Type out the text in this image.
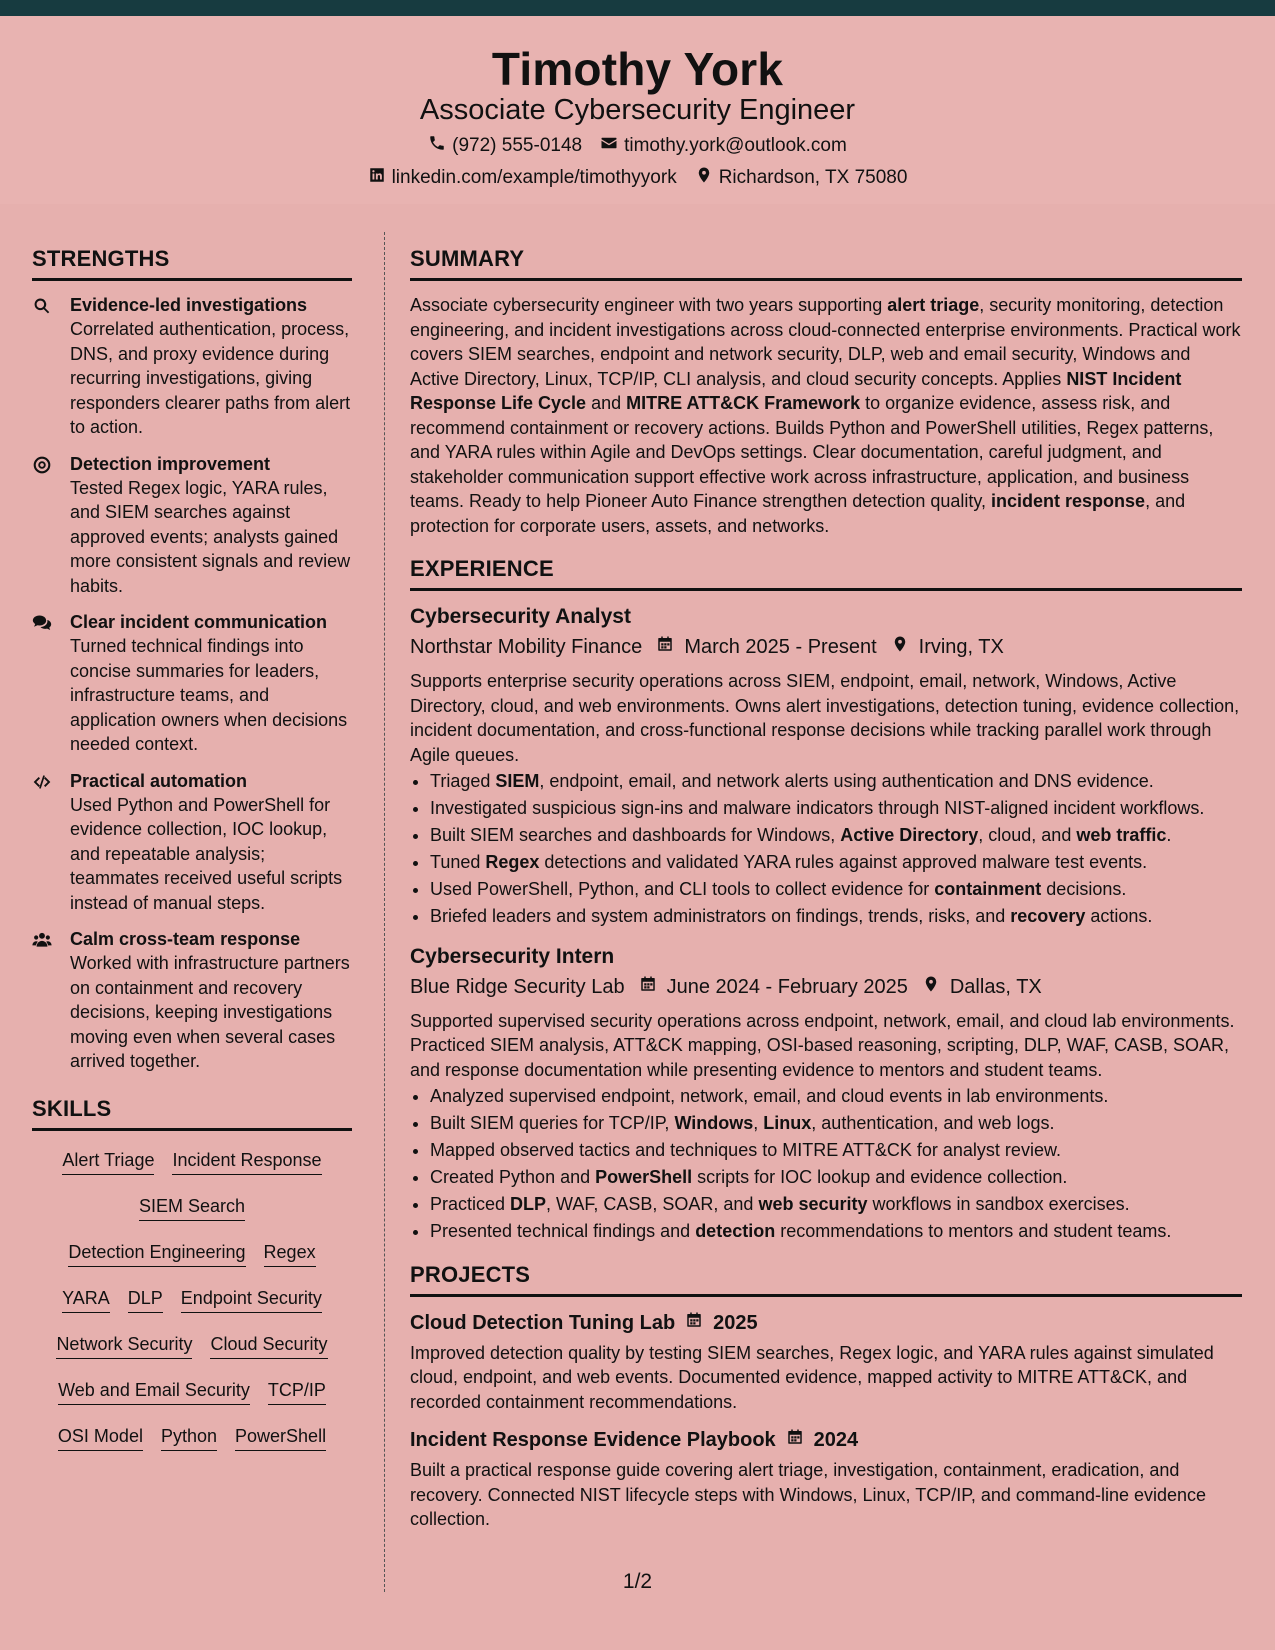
Timothy York
Associate Cybersecurity Engineer
(972) 555-0148 timothy.york@outlook.com
linkedin.com/example/timothyyork Richardson, TX 75080
STRENGTHS
Evidence-led investigations
Correlated authentication, process, DNS, and proxy evidence during recurring investigations, giving responders clearer paths from alert to action.
Detection improvement
Tested Regex logic, YARA rules, and SIEM searches against approved events; analysts gained more consistent signals and review habits.
Clear incident communication
Turned technical findings into concise summaries for leaders, infrastructure teams, and application owners when decisions needed context.
Practical automation
Used Python and PowerShell for evidence collection, IOC lookup, and repeatable analysis; teammates received useful scripts instead of manual steps.
Calm cross-team response
Worked with infrastructure partners on containment and recovery decisions, keeping investigations moving even when several cases arrived together.
SKILLS
Alert Triage Incident Response
SIEM Search
Detection Engineering Regex
YARA DLP Endpoint Security
Network Security Cloud Security
Web and Email Security TCP/IP
OSI Model Python PowerShell
SUMMARY
Associate cybersecurity engineer with two years supporting alert triage, security monitoring, detection engineering, and incident investigations across cloud-connected enterprise environments. Practical work covers SIEM searches, endpoint and network security, DLP, web and email security, Windows and Active Directory, Linux, TCP/IP, CLI analysis, and cloud security concepts. Applies NIST Incident Response Life Cycle and MITRE ATT&CK Framework to organize evidence, assess risk, and recommend containment or recovery actions. Builds Python and PowerShell utilities, Regex patterns, and YARA rules within Agile and DevOps settings. Clear documentation, careful judgment, and stakeholder communication support effective work across infrastructure, application, and business teams. Ready to help Pioneer Auto Finance strengthen detection quality, incident response, and protection for corporate users, assets, and networks.
EXPERIENCE
Cybersecurity Analyst
Northstar Mobility Finance March 2025 - Present Irving, TX
Supports enterprise security operations across SIEM, endpoint, email, network, Windows, Active Directory, cloud, and web environments. Owns alert investigations, detection tuning, evidence collection, incident documentation, and cross-functional response decisions while tracking parallel work through Agile queues.
• Triaged SIEM, endpoint, email, and network alerts using authentication and DNS evidence.
• Investigated suspicious sign-ins and malware indicators through NIST-aligned incident workflows.
• Built SIEM searches and dashboards for Windows, Active Directory, cloud, and web traffic.
• Tuned Regex detections and validated YARA rules against approved malware test events.
• Used PowerShell, Python, and CLI tools to collect evidence for containment decisions.
• Briefed leaders and system administrators on findings, trends, risks, and recovery actions.
Cybersecurity Intern
Blue Ridge Security Lab June 2024 - February 2025 Dallas, TX
Supported supervised security operations across endpoint, network, email, and cloud lab environments. Practiced SIEM analysis, ATT&CK mapping, OSI-based reasoning, scripting, DLP, WAF, CASB, SOAR, and response documentation while presenting evidence to mentors and student teams.
• Analyzed supervised endpoint, network, email, and cloud events in lab environments.
• Built SIEM queries for TCP/IP, Windows, Linux, authentication, and web logs.
• Mapped observed tactics and techniques to MITRE ATT&CK for analyst review.
• Created Python and PowerShell scripts for IOC lookup and evidence collection.
• Practiced DLP, WAF, CASB, SOAR, and web security workflows in sandbox exercises.
• Presented technical findings and detection recommendations to mentors and student teams.
PROJECTS
Cloud Detection Tuning Lab 2025
Improved detection quality by testing SIEM searches, Regex logic, and YARA rules against simulated cloud, endpoint, and web events. Documented evidence, mapped activity to MITRE ATT&CK, and recorded containment recommendations.
Incident Response Evidence Playbook 2024
Built a practical response guide covering alert triage, investigation, containment, eradication, and recovery. Connected NIST lifecycle steps with Windows, Linux, TCP/IP, and command-line evidence collection.
1/2
